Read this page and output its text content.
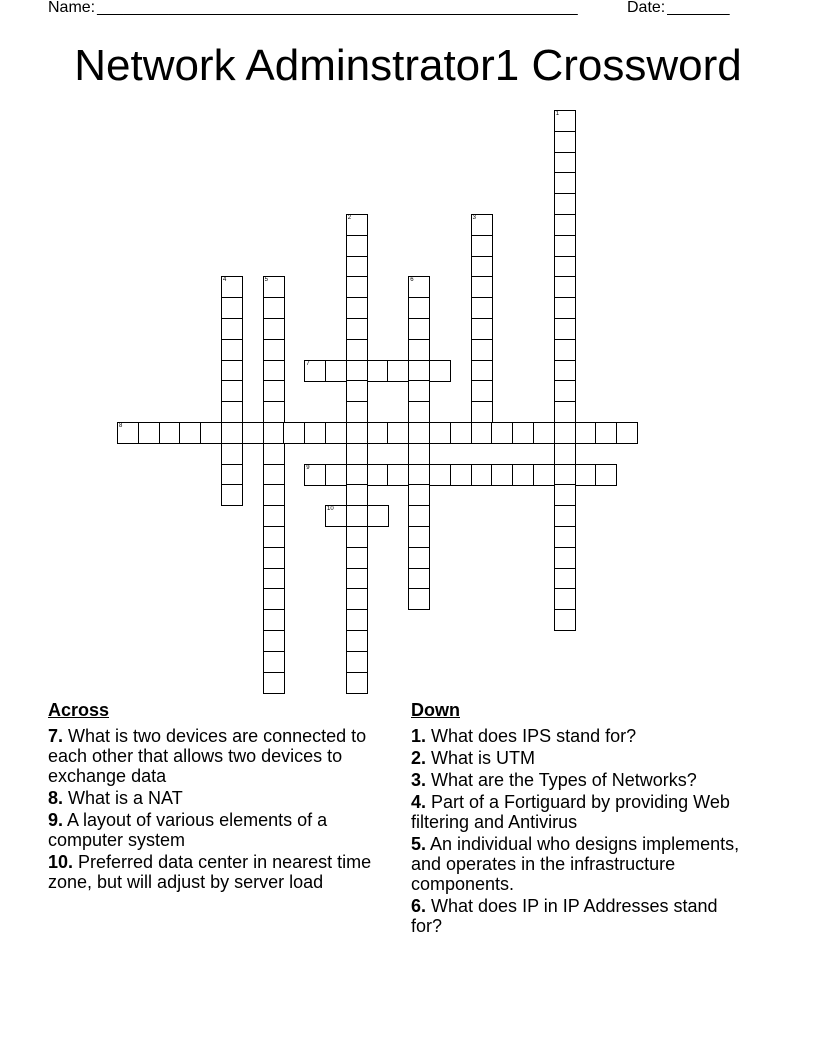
Name: ______________________________________________________	Date: _______
Network Adminstrator1 Crossword
1
2	3
4	5	6
7
8
9
10
Across
7. What is two devices are connected to each other that allows two devices to exchange data
8. What is a NAT
9. A layout of various elements of a computer system
10. Preferred data center in nearest time zone, but will adjust by server load
Down
1. What does IPS stand for?
2. What is UTM
3. What are the Types of Networks?
4. Part of a Fortiguard by providing Web filtering and Antivirus
5. An individual who designs implements, and operates in the infrastructure components.
6. What does IP in IP Addresses stand for?
